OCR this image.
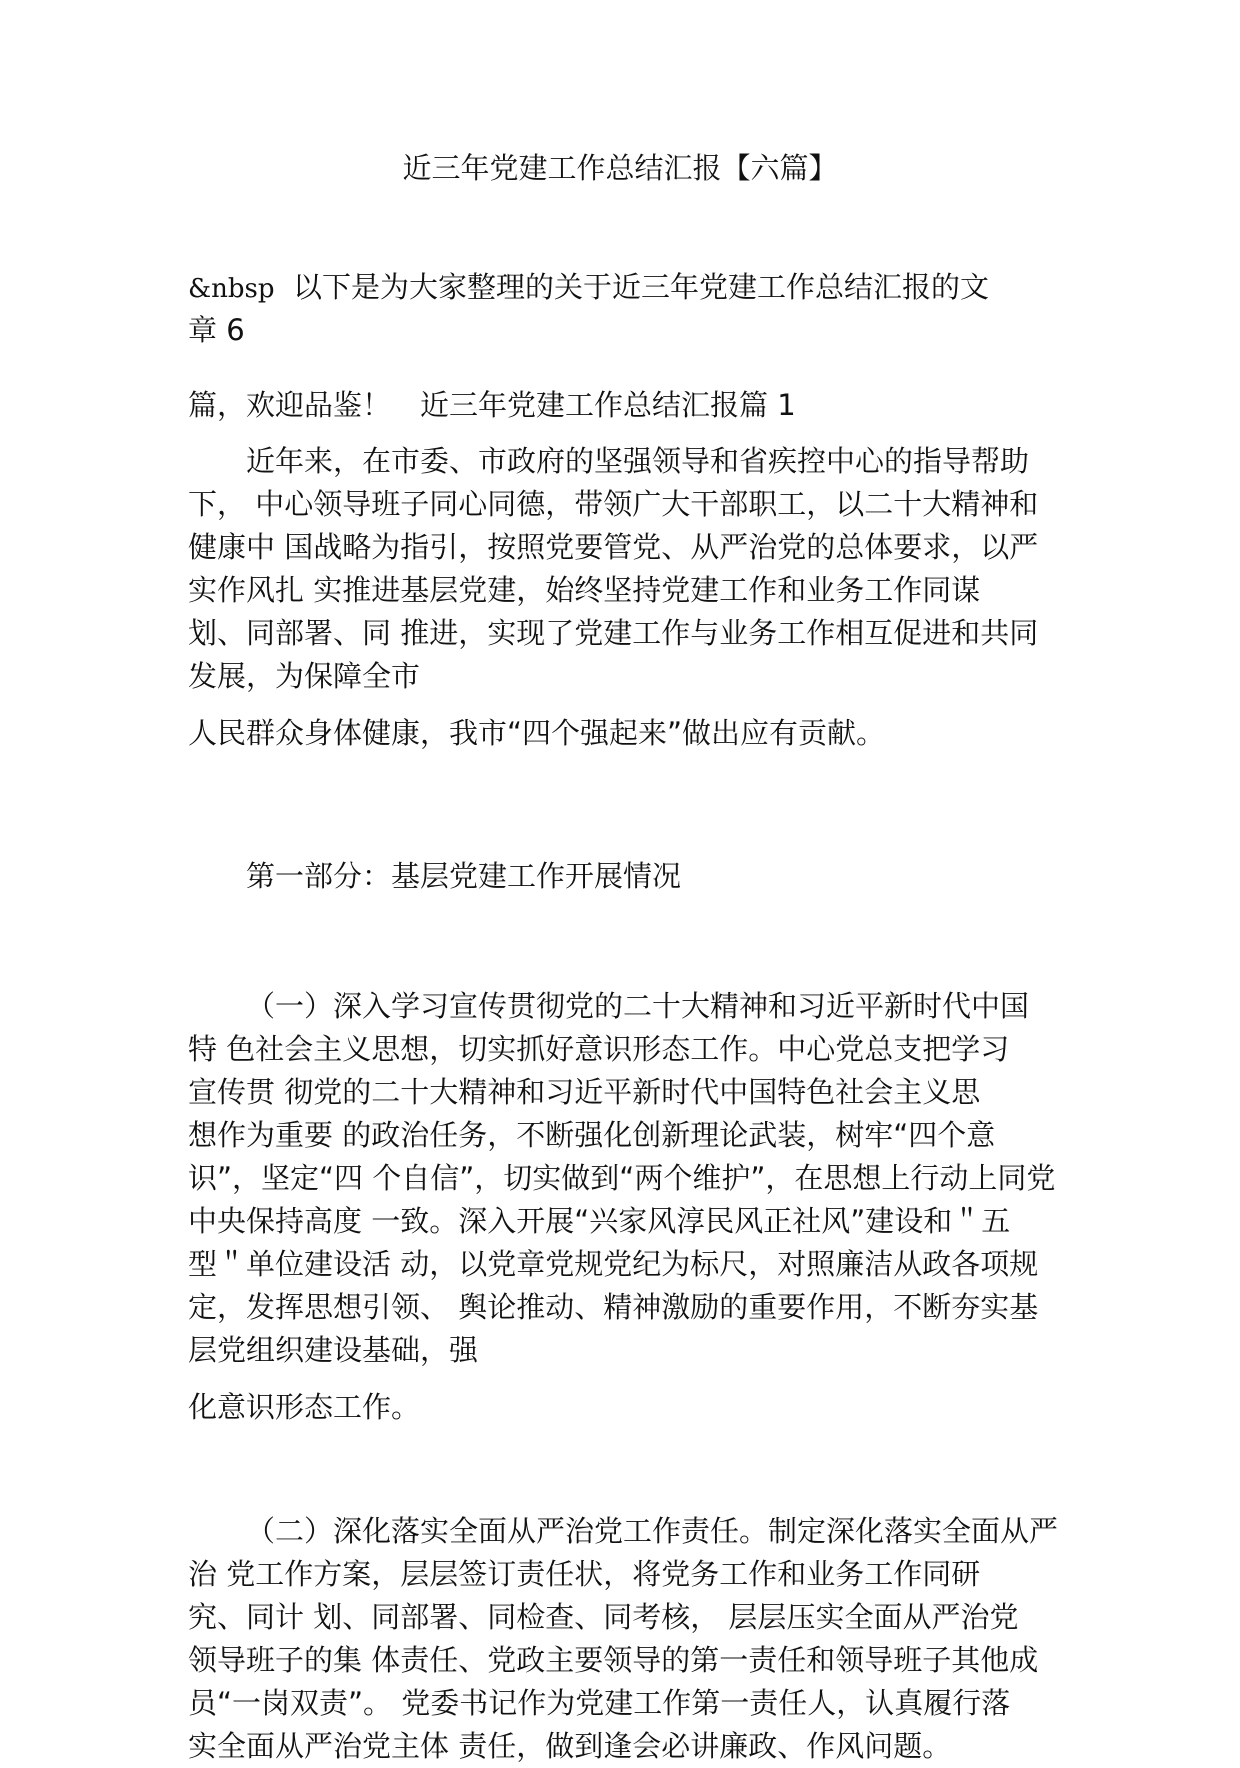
近三年党建工作总结汇报【六篇】
&nbsp 以下是为大家整理的关于近三年党建工作总结汇报的文
章 6
篇，欢迎品鉴！　近三年党建工作总结汇报篇 1
近年来，在市委、市政府的坚强领导和省疾控中心的指导帮助
下， 中心领导班子同心同德，带领广大干部职工，以二十大精神和
健康中 国战略为指引，按照党要管党、从严治党的总体要求，以严
实作风扎 实推进基层党建，始终坚持党建工作和业务工作同谋
划、同部署、同 推进，实现了党建工作与业务工作相互促进和共同
发展，为保障全市
人民群众身体健康，我市“四个强起来”做出应有贡献。
第一部分：基层党建工作开展情况
（一）深入学习宣传贯彻党的二十大精神和习近平新时代中国
特 色社会主义思想，切实抓好意识形态工作。中心党总支把学习
宣传贯 彻党的二十大精神和习近平新时代中国特色社会主义思
想作为重要 的政治任务，不断强化创新理论武装，树牢“四个意
识”，坚定“四 个自信”，切实做到“两个维护”，在思想上行动上同党
中央保持高度 一致。深入开展“兴家风淳民风正社风”建设和＂五
型＂单位建设活 动，以党章党规党纪为标尺，对照廉洁从政各项规
定，发挥思想引领、 舆论推动、精神激励的重要作用，不断夯实基
层党组织建设基础，强
化意识形态工作。
（二）深化落实全面从严治党工作责任。制定深化落实全面从严
治 党工作方案，层层签订责任状，将党务工作和业务工作同研
究、同计 划、同部署、同检查、同考核， 层层压实全面从严治党
领导班子的集 体责任、党政主要领导的第一责任和领导班子其他成
员“一岗双责”。 党委书记作为党建工作第一责任人，认真履行落
实全面从严治党主体 责任，做到逢会必讲廉政、作风问题。
